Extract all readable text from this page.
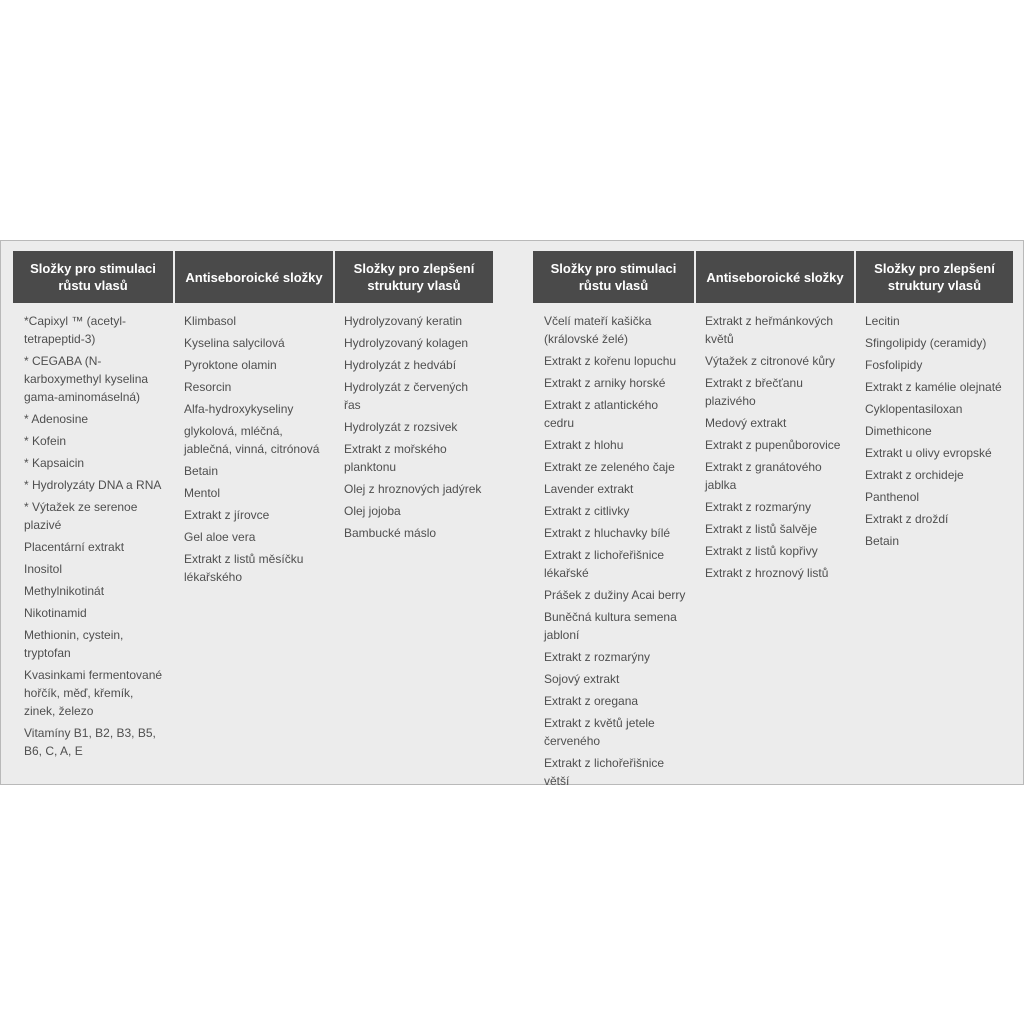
Složky pro stimulaci růstu vlasů
*Capixyl ™ (acetyl-tetrapeptid-3)
* CEGABA (N-karboxymethyl kyselina gama-aminomáselná)
* Adenosine
* Kofein
* Kapsaicin
* Hydrolyzáty DNA a RNA
* Výtažek ze serenoe plazivé
Placentární extrakt
Inositol
Methylnikotinát
Nikotinamid
Methionin, cystein, tryptofan
Kvasinkami fermentované hořčík, měď, křemík, zinek, železo
Vitamíny B1, B2, B3, B5, B6, C, A, E
Antiseboroické složky
Klimbasol
Kyselina salycilová
Pyroktone olamin
Resorcin
Alfa-hydroxykyseliny
glykolová, mléčná, jablečná, vinná, citrónová
Betain
Mentol
Extrakt z jírovce
Gel aloe vera
Extrakt z listů měsíčku lékařského
Složky pro zlepšení struktury vlasů
Hydrolyzovaný keratin
Hydrolyzovaný kolagen
Hydrolyzát z hedvábí
Hydrolyzát z červených řas
Hydrolyzát z rozsivek
Extrakt z mořského planktonu
Olej z hroznových jadýrek
Olej jojoba
Bambucké máslo
Složky pro stimulaci růstu vlasů
Včelí mateří kašička (královské želé)
Extrakt z kořenu lopuchu
Extrakt z arniky horské
Extrakt z atlantického cedru
Extrakt z hlohu
Extrakt ze zeleného čaje
Lavender extrakt
Extrakt z citlivky
Extrakt z hluchavky bílé
Extrakt z lichořeřišnice lékařské
Prášek z dužiny Acai berry
Buněčná kultura semena jabloní
Extrakt z rozmarýny
Sojový extrakt
Extrakt z oregana
Extrakt z květů jetele červeného
Extrakt z lichořeřišnice větší
Antiseboroické složky
Extrakt z heřmánkových květů
Výtažek z citronové kůry
Extrakt z břečťanu plazivého
Medový extrakt
Extrakt z pupenůborovice
Extrakt z granátového jablka
Extrakt z rozmarýny
Extrakt z listů šalvěje
Extrakt z listů kopřivy
Extrakt z hroznový listů
Složky pro zlepšení struktury vlasů
Lecitin
Sfingolipidy (ceramidy)
Fosfolipidy
Extrakt z kamélie olejnaté
Cyklopentasiloxan
Dimethicone
Extrakt u olivy evropské
Extrakt z orchideje
Panthenol
Extrakt z droždí
Betain
